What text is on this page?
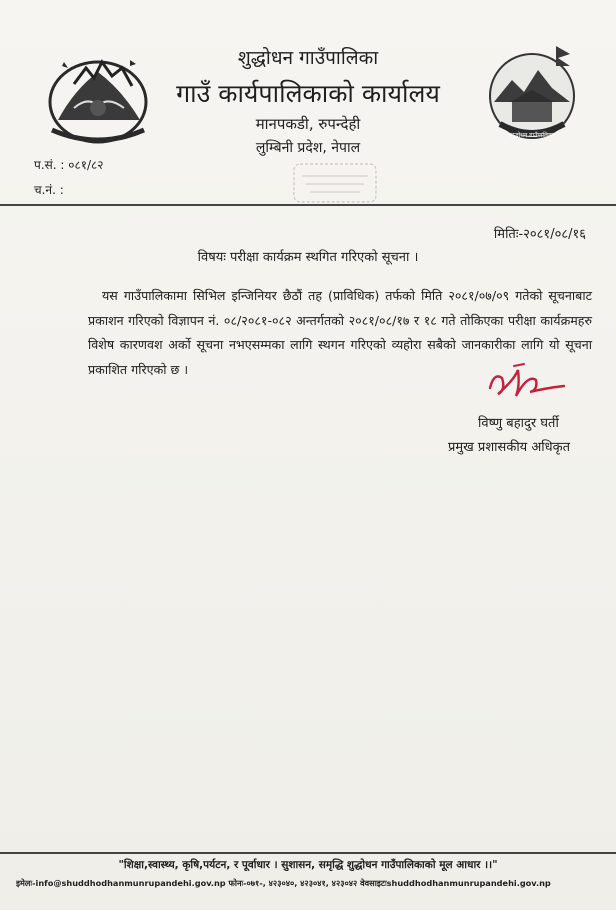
शुद्धोधन गाउँपालिका
शुद्धोधन गाउँपालिका
गाउँ कार्यपालिकाको कार्यालय
मानपकडी, रुपन्देही
लुम्बिनी प्रदेश, नेपाल
प.सं. : ०८१/८२
च.नं. :
मितिः-२०८१/०८/१६
विषयः परीक्षा कार्यक्रम स्थगित गरिएको सूचना ।
यस गाउँपालिकामा सिभिल इन्जिनियर छैठौं तह (प्राविधिक) तर्फको मिति २०८१/०७/०९ गतेको सूचनाबाट प्रकाशन गरिएको विज्ञापन नं. ०८/२०८१-०८२ अन्तर्गतको २०८१/०८/१७ र १८ गते तोकिएका परीक्षा कार्यक्रमहरु विशेष कारणवश अर्को सूचना नभएसम्मका लागि स्थगन गरिएको व्यहोरा सबैको जानकारीका लागि यो सूचना प्रकाशित गरिएको छ ।
विष्णु बहादुर घर्ती
प्रमुख प्रशासकीय अधिकृत
"शिक्षा,स्वास्थ्य, कृषि,पर्यटन, र पूर्वाधार । सुशासन, समृद्धि शुद्धोधन गाउँपालिकाको मूल आधार ।।"
इमेलः-info@shuddhodhanmunrupandehi.gov.np फोनः-०७१-, ४२३०४०, ४२३०४१, ४२३०४२ वेवसाइटःshuddhodhanmunrupandehi.gov.np
